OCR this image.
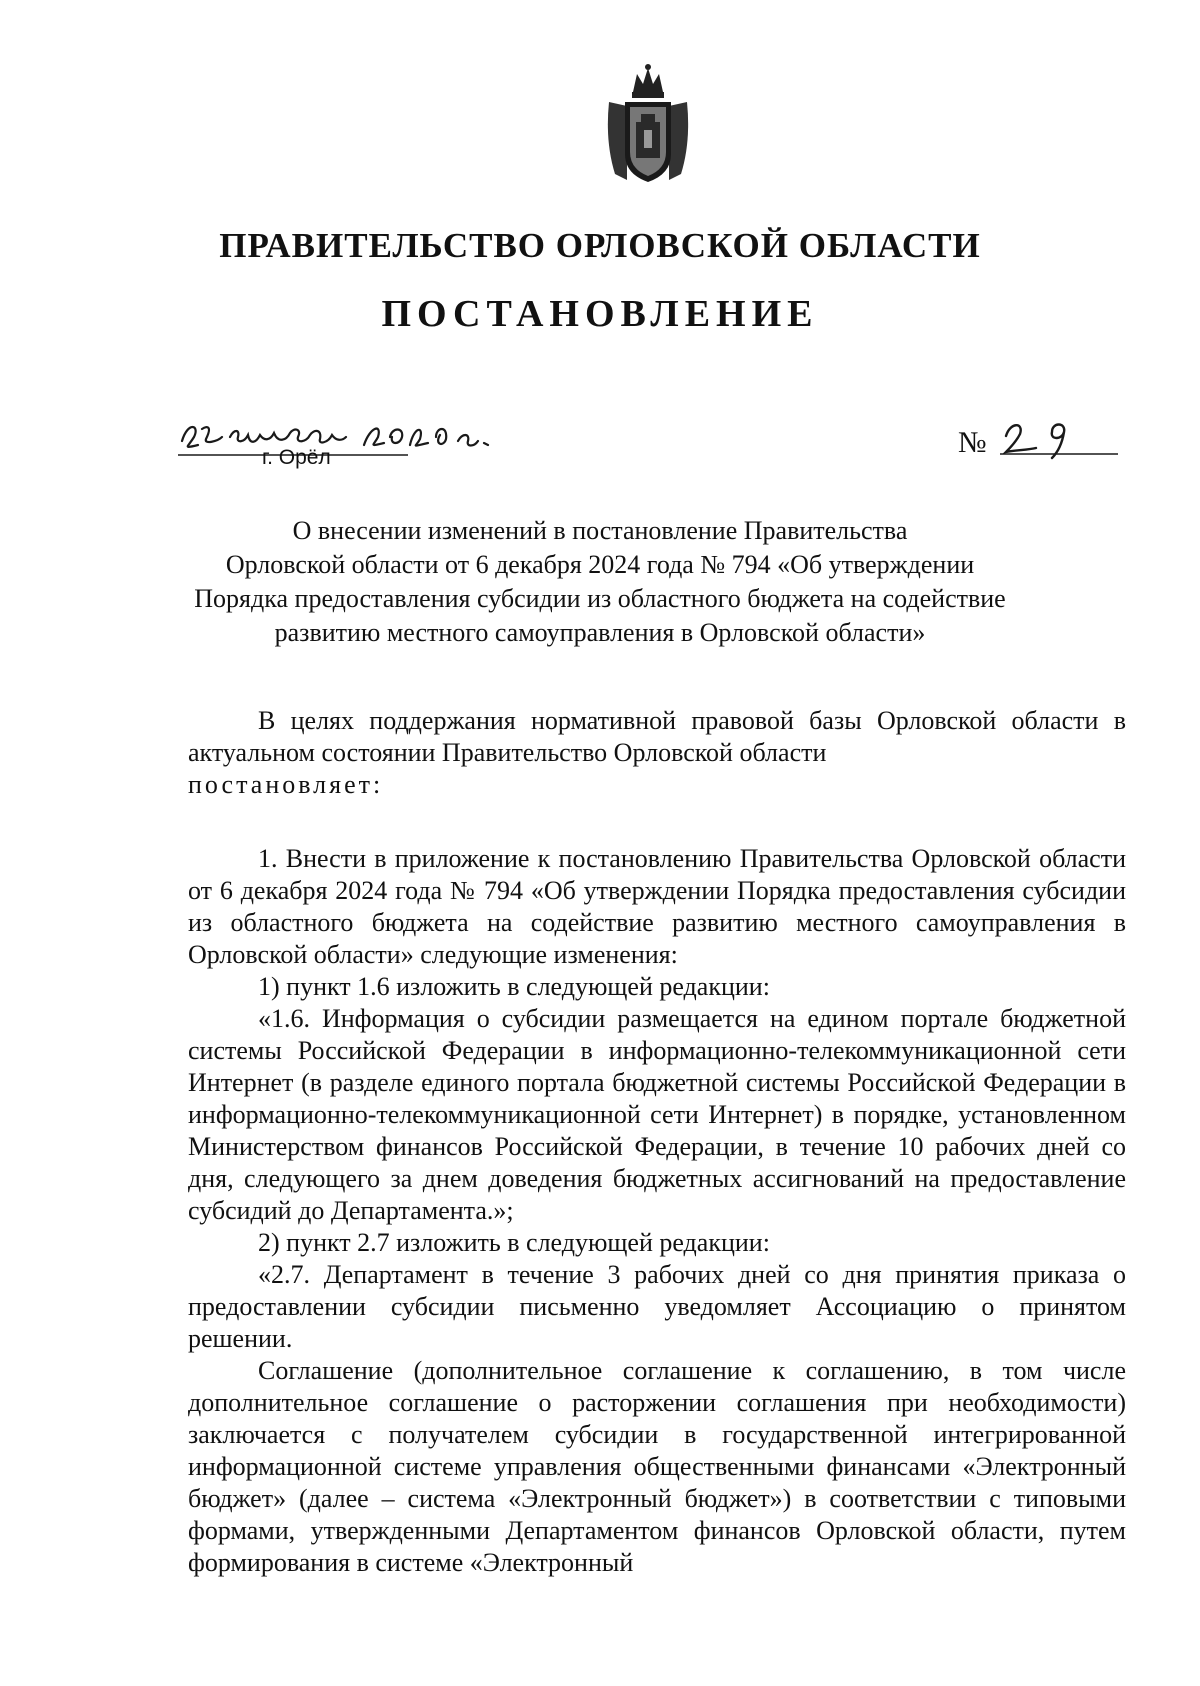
ПРАВИТЕЛЬСТВО ОРЛОВСКОЙ ОБЛАСТИ
ПОСТАНОВЛЕНИЕ
г. Орёл	№

О внесении изменений в постановление Правительства

Орловской области от 6 декабря 2024 года № 794 «Об утверждении

Порядка предоставления субсидии из областного бюджета на содействие

развитию местного самоуправления в Орловской области»

В целях поддержания нормативной правовой базы Орловской области в актуальном состоянии Правительство Орловской области

постановляет:

1. Внести в приложение к постановлению Правительства Орловской области от 6 декабря 2024 года № 794 «Об утверждении Порядка предоставления субсидии из областного бюджета на содействие развитию местного самоуправления в Орловской области» следующие изменения:

1) пункт 1.6 изложить в следующей редакции:

«1.6. Информация о субсидии размещается на едином портале бюджетной системы Российской Федерации в информационно-телекоммуникационной сети Интернет (в разделе единого портала бюджетной системы Российской Федерации в информационно-телекоммуникационной сети Интернет) в порядке, установленном Министерством финансов Российской Федерации, в течение 10 рабочих дней со дня, следующего за днем доведения бюджетных ассигнований на предоставление субсидий до Департамента.»;

2) пункт 2.7 изложить в следующей редакции:

«2.7. Департамент в течение 3 рабочих дней со дня принятия приказа о предоставлении субсидии письменно уведомляет Ассоциацию о принятом решении.

Соглашение (дополнительное соглашение к соглашению, в том числе дополнительное соглашение о расторжении соглашения при необходимости) заключается с получателем субсидии в государственной интегрированной информационной системе управления общественными финансами «Электронный бюджет» (далее – система «Электронный бюджет») в соответствии с типовыми формами, утвержденными Департаментом финансов Орловской области, путем формирования в системе «Электронный
